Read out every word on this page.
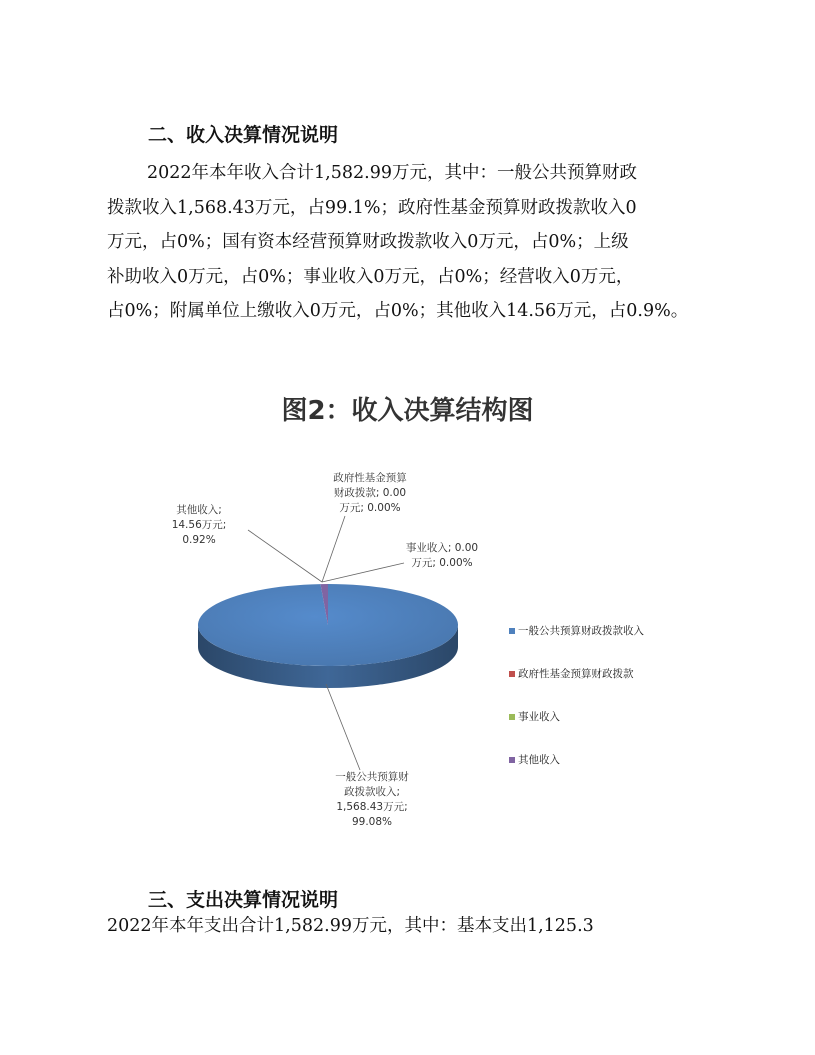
二、收入决算情况说明
2022年本年收入合计1,582.99万元，其中：一般公共预算财政
拨款收入1,568.43万元，占99.1%；政府性基金预算财政拨款收入0
万元，占0%；国有资本经营预算财政拨款收入0万元，占0%；上级
补助收入0万元，占0%；事业收入0万元，占0%；经营收入0万元，
占0%；附属单位上缴收入0万元，占0%；其他收入14.56万元，占0.9%。
图2：收入决算结构图
一般公共预算财
政拨款收入;
1,568.43万元;
99.08%
政府性基金预算
财政拨款; 0.00
万元; 0.00%
事业收入; 0.00
万元; 0.00%
其他收入;
14.56万元;
0.92%
一般公共预算财政拨款收入
政府性基金预算财政拨款
事业收入
其他收入
三、支出决算情况说明
2022年本年支出合计1,582.99万元，其中：基本支出1,125.3
